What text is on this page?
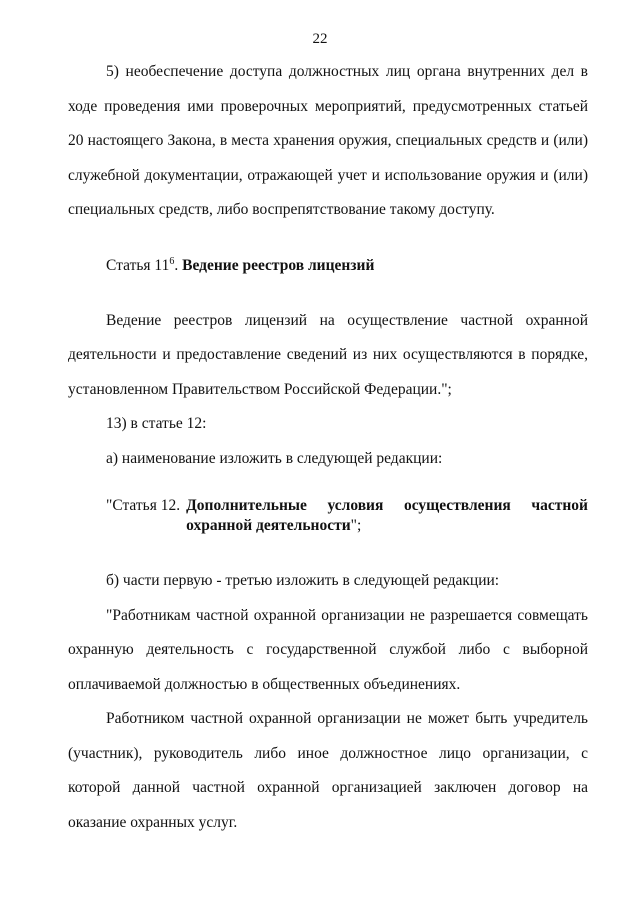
22

5) необеспечение доступа должностных лиц органа внутренних дел в ходе проведения ими проверочных мероприятий, предусмотренных статьей 20 настоящего Закона, в места хранения оружия, специальных средств и (или) служебной документации, отражающей учет и использование оружия и (или) специальных средств, либо воспрепятствование такому доступу.

Статья $11^6$. Ведение реестров лицензий

Ведение реестров лицензий на осуществление частной охранной деятельности и предоставление сведений из них осуществляются в порядке, установленном Правительством Российской Федерации.";

13) в статье 12:

а) наименование изложить в следующей редакции:

"Статья 12. Дополнительные условия осуществления частной охранной деятельности";

б) части первую - третью изложить в следующей редакции:

"Работникам частной охранной организации не разрешается совмещать охранную деятельность с государственной службой либо с выборной оплачиваемой должностью в общественных объединениях.

Работником частной охранной организации не может быть учредитель (участник), руководитель либо иное должностное лицо организации, с которой данной частной охранной организацией заключен договор на оказание охранных услуг.
